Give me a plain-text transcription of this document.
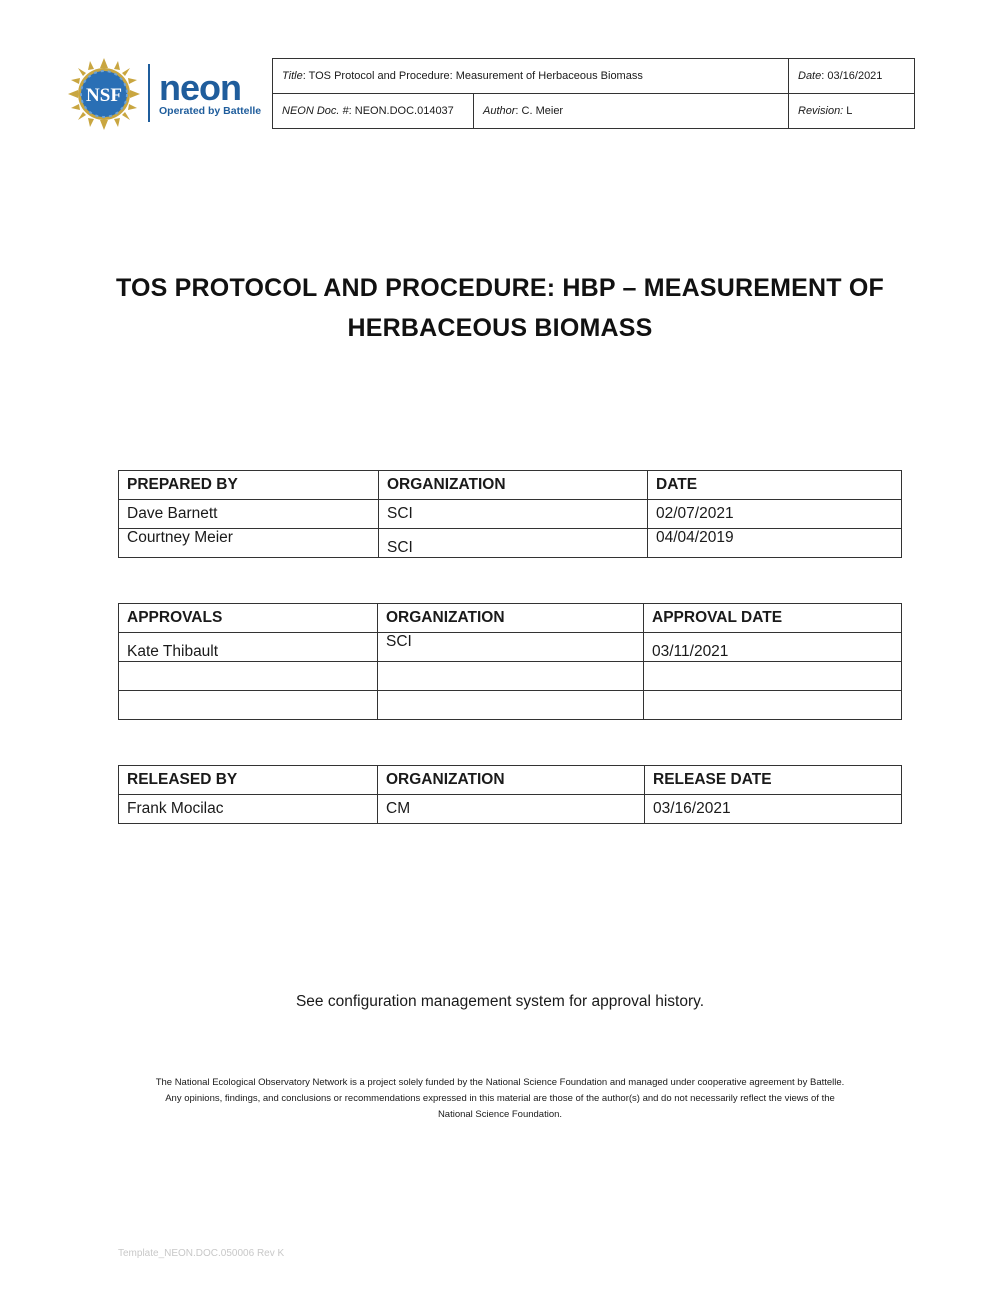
NSF neon
Operated by Battelle
Title: TOS Protocol and Procedure: Measurement of Herbaceous Biomass		Date: 03/16/2021
NEON Doc. #: NEON.DOC.014037	Author: C. Meier	Revision: L
TOS PROTOCOL AND PROCEDURE: HBP – MEASUREMENT OF
HERBACEOUS BIOMASS
PREPARED BY	ORGANIZATION	DATE
Dave Barnett	SCI	02/07/2021
Courtney Meier	SCI	04/04/2019
APPROVALS	ORGANIZATION	APPROVAL DATE
Kate Thibault	SCI	03/11/2021

RELEASED BY	ORGANIZATION	RELEASE DATE
Frank Mocilac	CM	03/16/2021
See configuration management system for approval history.
The National Ecological Observatory Network is a project solely funded by the National Science Foundation and managed under cooperative agreement by Battelle.
Any opinions, findings, and conclusions or recommendations expressed in this material are those of the author(s) and do not necessarily reflect the views of the
National Science Foundation.
Template_NEON.DOC.050006 Rev K
